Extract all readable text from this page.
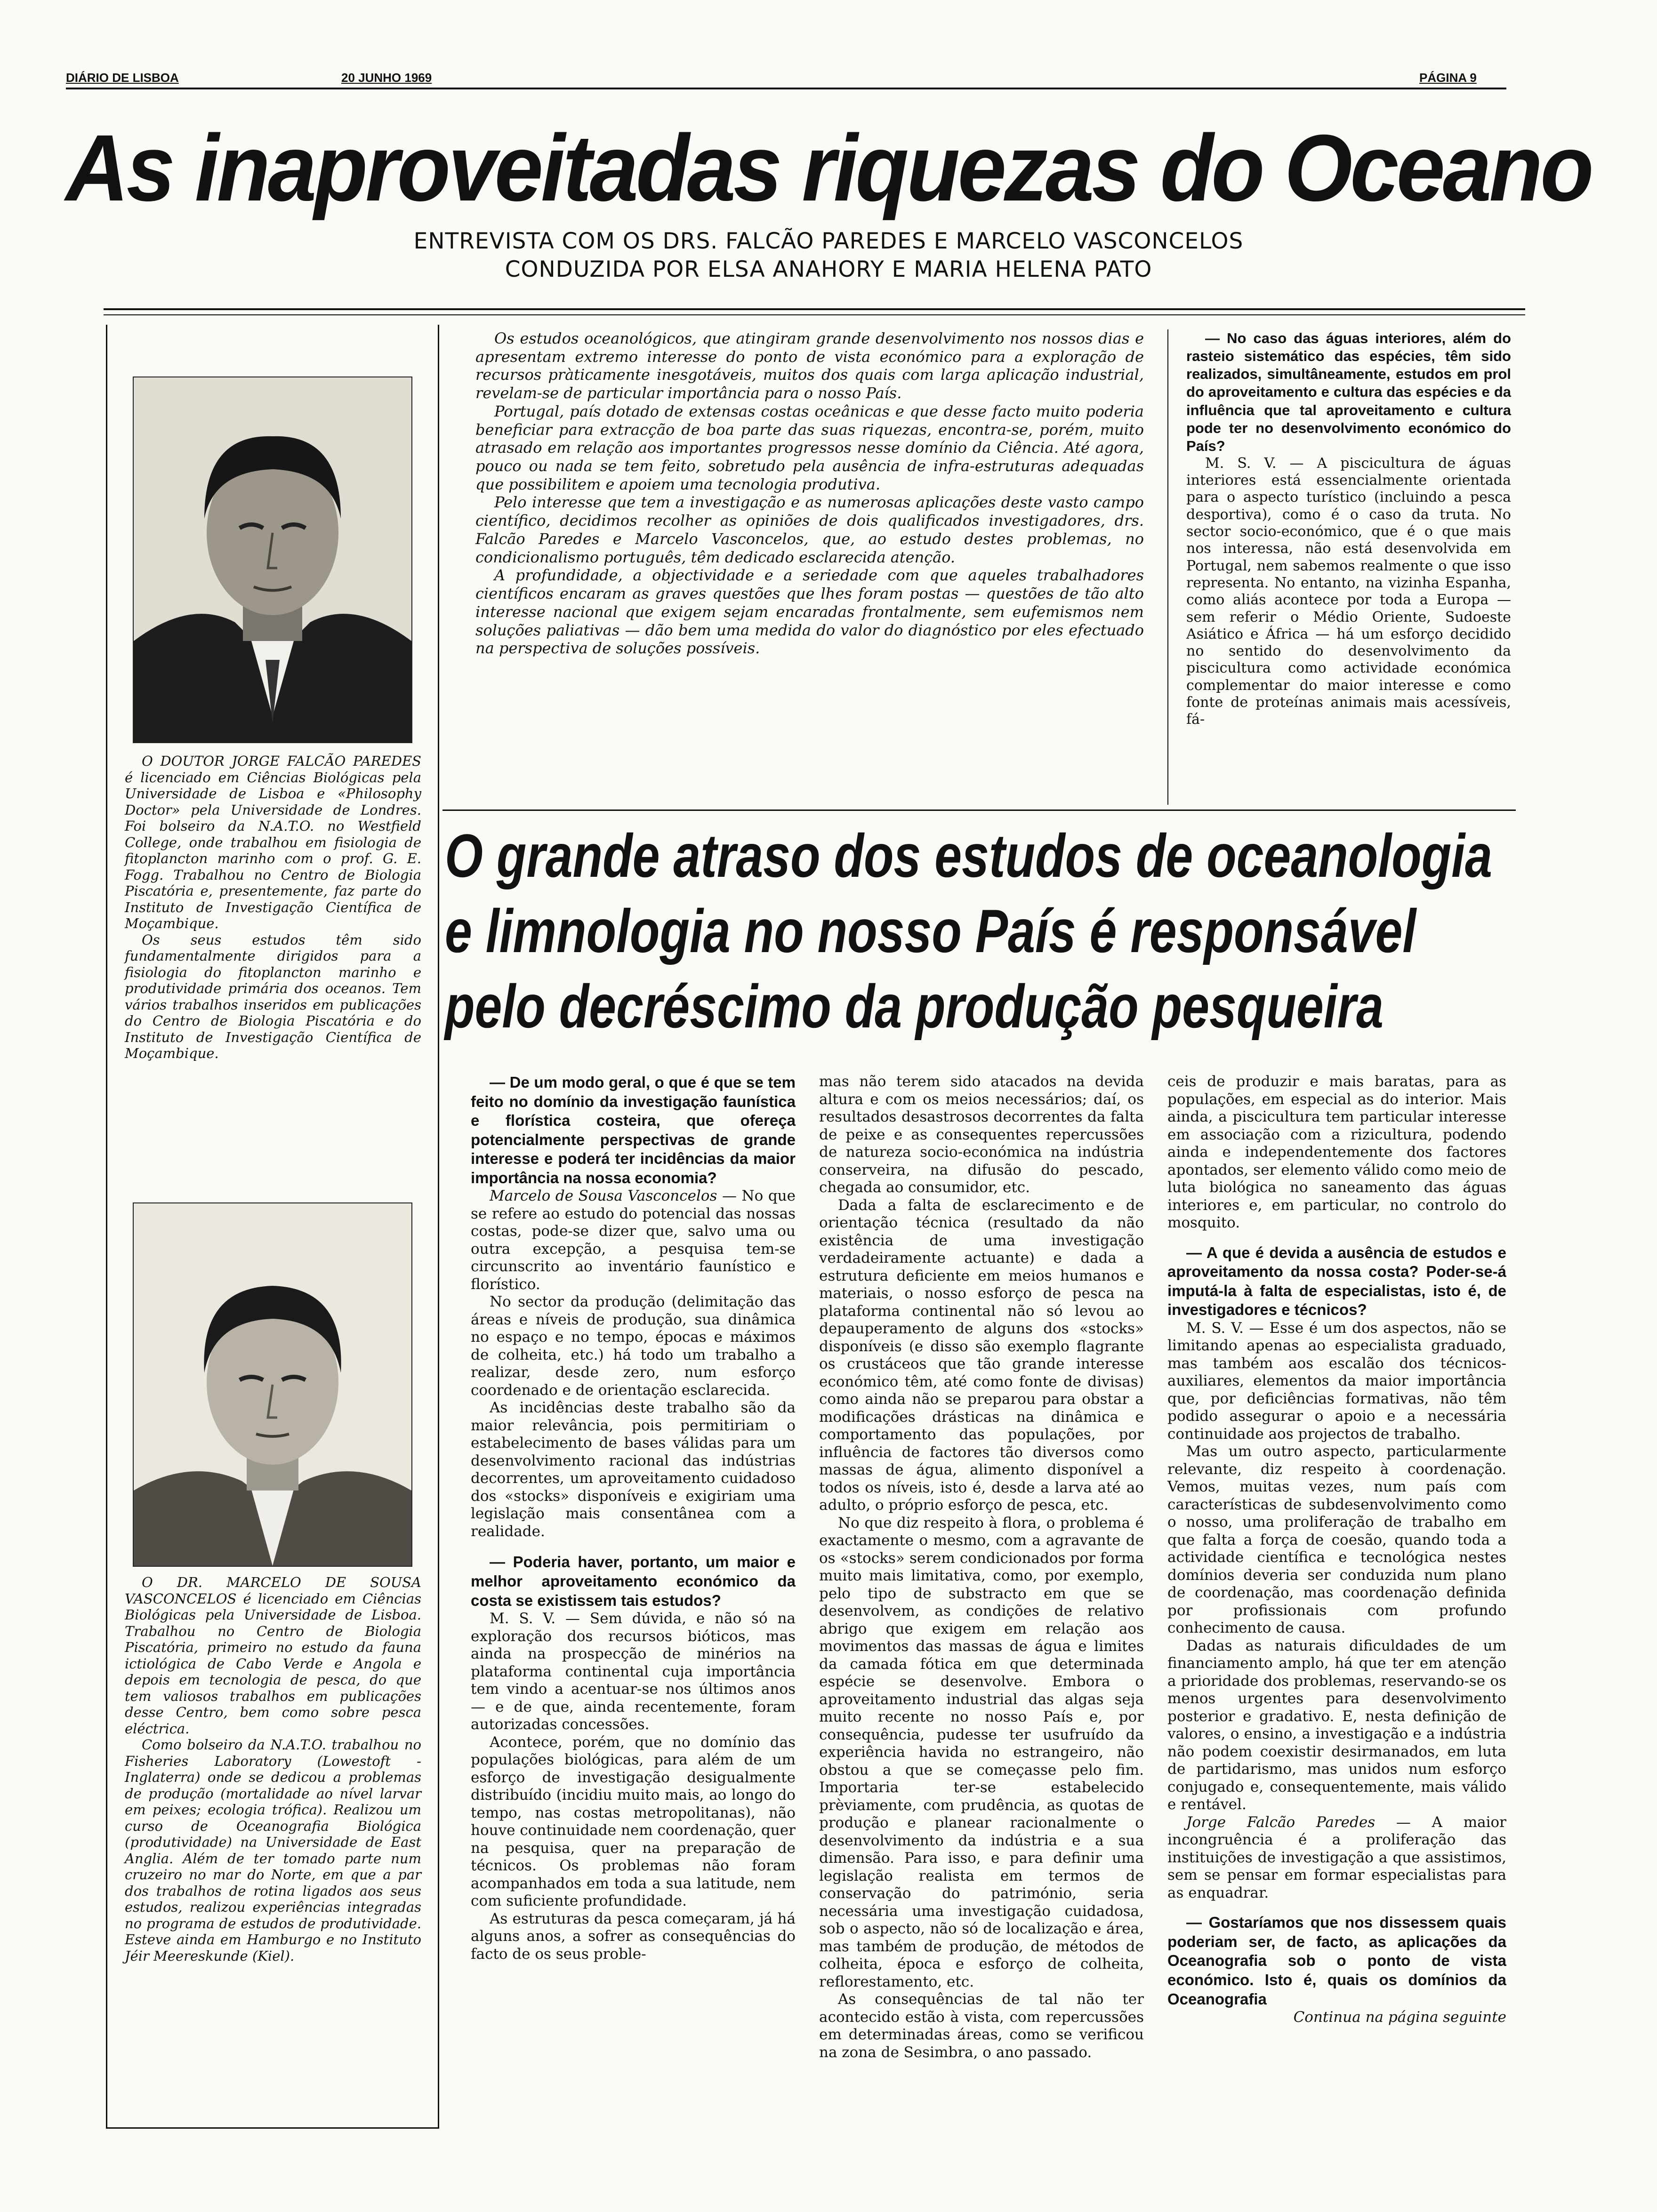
DIÁRIO DE LISBOA	20 JUNHO 1969	PÁGINA 9
As inaproveitadas riquezas do Oceano
ENTREVISTA COM OS DRS. FALCÃO PAREDES E MARCELO VASCONCELOS
CONDUZIDA POR ELSA ANAHORY E MARIA HELENA PATO

O DOUTOR JORGE FALCÃO PAREDES é licenciado em Ciências Biológicas pela Universidade de Lisboa e «Philosophy Doctor» pela Universidade de Londres. Foi bolseiro da N.A.T.O. no Westfield College, onde trabalhou em fisiologia de fitoplancton marinho com o prof. G. E. Fogg. Trabalhou no Centro de Biologia Piscatória e, presentemente, faz parte do Instituto de Investigação Científica de Moçambique.

Os seus estudos têm sido fundamentalmente dirigidos para a fisiologia do fitoplancton marinho e produtividade primária dos oceanos. Tem vários trabalhos inseridos em publicações do Centro de Biologia Piscatória e do Instituto de Investigação Científica de Moçambique.

O DR. MARCELO DE SOUSA VASCONCELOS é licenciado em Ciências Biológicas pela Universidade de Lisboa. Trabalhou no Centro de Biologia Piscatória, primeiro no estudo da fauna ictiológica de Cabo Verde e Angola e depois em tecnologia de pesca, do que tem valiosos trabalhos em publicações desse Centro, bem como sobre pesca eléctrica.

Como bolseiro da N.A.T.O. trabalhou no Fisheries Laboratory (Lowestoft - Inglaterra) onde se dedicou a problemas de produção (mortalidade ao nível larvar em peixes; ecologia trófica). Realizou um curso de Oceanografia Biológica (produtividade) na Universidade de East Anglia. Além de ter tomado parte num cruzeiro no mar do Norte, em que a par dos trabalhos de rotina ligados aos seus estudos, realizou experiências integradas no programa de estudos de produtividade. Esteve ainda em Hamburgo e no Instituto Jéir Meereskunde (Kiel).

Os estudos oceanológicos, que atingiram grande desenvolvimento nos nossos dias e apresentam extremo interesse do ponto de vista económico para a exploração de recursos pràticamente inesgotáveis, muitos dos quais com larga aplicação industrial, revelam-se de particular importância para o nosso País.

Portugal, país dotado de extensas costas oceânicas e que desse facto muito poderia beneficiar para extracção de boa parte das suas riquezas, encontra-se, porém, muito atrasado em relação aos importantes progressos nesse domínio da Ciência. Até agora, pouco ou nada se tem feito, sobretudo pela ausência de infra-estruturas adequadas que possibilitem e apoiem uma tecnologia produtiva.

Pelo interesse que tem a investigação e as numerosas aplicações deste vasto campo científico, decidimos recolher as opiniões de dois qualificados investigadores, drs. Falcão Paredes e Marcelo Vasconcelos, que, ao estudo destes problemas, no condicionalismo português, têm dedicado esclarecida atenção.

A profundidade, a objectividade e a seriedade com que aqueles trabalhadores científicos encaram as graves questões que lhes foram postas — questões de tão alto interesse nacional que exigem sejam encaradas frontalmente, sem eufemismos nem soluções paliativas — dão bem uma medida do valor do diagnóstico por eles efectuado na perspectiva de soluções possíveis.

— No caso das águas interiores, além do rasteio sistemático das espécies, têm sido realizados, simultâneamente, estudos em prol do aproveitamento e cultura das espécies e da influência que tal aproveitamento e cultura pode ter no desenvolvimento económico do País?

M. S. V. — A piscicultura de águas interiores está essencialmente orientada para o aspecto turístico (incluindo a pesca desportiva), como é o caso da truta. No sector socio-económico, que é o que mais nos interessa, não está desenvolvida em Portugal, nem sabemos realmente o que isso representa. No entanto, na vizinha Espanha, como aliás acontece por toda a Europa — sem referir o Médio Oriente, Sudoeste Asiático e África — há um esforço decidido no sentido do desenvolvimento da piscicultura como actividade económica complementar do maior interesse e como fonte de proteínas animais mais acessíveis, fá-

O grande atraso dos estudos de oceanologia
e limnologia no nosso País é responsável
pelo decréscimo da produção pesqueira

— De um modo geral, o que é que se tem feito no domínio da investigação faunística e florística costeira, que ofereça potencialmente perspectivas de grande interesse e poderá ter incidências da maior importância na nossa economia?

Marcelo de Sousa Vasconcelos — No que se refere ao estudo do potencial das nossas costas, pode-se dizer que, salvo uma ou outra excepção, a pesquisa tem-se circunscrito ao inventário faunístico e florístico.

No sector da produção (delimitação das áreas e níveis de produção, sua dinâmica no espaço e no tempo, épocas e máximos de colheita, etc.) há todo um trabalho a realizar, desde zero, num esforço coordenado e de orientação esclarecida.

As incidências deste trabalho são da maior relevância, pois permitiriam o estabelecimento de bases válidas para um desenvolvimento racional das indústrias decorrentes, um aproveitamento cuidadoso dos «stocks» disponíveis e exigiriam uma legislação mais consentânea com a realidade.

— Poderia haver, portanto, um maior e melhor aproveitamento económico da costa se existissem tais estudos?

M. S. V. — Sem dúvida, e não só na exploração dos recursos bióticos, mas ainda na prospecção de minérios na plataforma continental cuja importância tem vindo a acentuar-se nos últimos anos — e de que, ainda recentemente, foram autorizadas concessões.

Acontece, porém, que no domínio das populações biológicas, para além de um esforço de investigação desigualmente distribuído (incidiu muito mais, ao longo do tempo, nas costas metropolitanas), não houve continuidade nem coordenação, quer na pesquisa, quer na preparação de técnicos. Os problemas não foram acompanhados em toda a sua latitude, nem com suficiente profundidade.

As estruturas da pesca começaram, já há alguns anos, a sofrer as consequências do facto de os seus proble-

mas não terem sido atacados na devida altura e com os meios necessários; daí, os resultados desastrosos decorrentes da falta de peixe e as consequentes repercussões de natureza socio-económica na indústria conserveira, na difusão do pescado, chegada ao consumidor, etc.

Dada a falta de esclarecimento e de orientação técnica (resultado da não existência de uma investigação verdadeiramente actuante) e dada a estrutura deficiente em meios humanos e materiais, o nosso esforço de pesca na plataforma continental não só levou ao depauperamento de alguns dos «stocks» disponíveis (e disso são exemplo flagrante os crustáceos que tão grande interesse económico têm, até como fonte de divisas) como ainda não se preparou para obstar a modificações drásticas na dinâmica e comportamento das populações, por influência de factores tão diversos como massas de água, alimento disponível a todos os níveis, isto é, desde a larva até ao adulto, o próprio esforço de pesca, etc.

No que diz respeito à flora, o problema é exactamente o mesmo, com a agravante de os «stocks» serem condicionados por forma muito mais limitativa, como, por exemplo, pelo tipo de substracto em que se desenvolvem, as condições de relativo abrigo que exigem em relação aos movimentos das massas de água e limites da camada fótica em que determinada espécie se desenvolve. Embora o aproveitamento industrial das algas seja muito recente no nosso País e, por consequência, pudesse ter usufruído da experiência havida no estrangeiro, não obstou a que se começasse pelo fim. Importaria ter-se estabelecido prèviamente, com prudência, as quotas de produção e planear racionalmente o desenvolvimento da indústria e a sua dimensão. Para isso, e para definir uma legislação realista em termos de conservação do património, seria necessária uma investigação cuidadosa, sob o aspecto, não só de localização e área, mas também de produção, de métodos de colheita, época e esforço de colheita, reflorestamento, etc.

As consequências de tal não ter acontecido estão à vista, com repercussões em determinadas áreas, como se verificou na zona de Sesimbra, o ano passado.

ceis de produzir e mais baratas, para as populações, em especial as do interior. Mais ainda, a piscicultura tem particular interesse em associação com a rizicultura, podendo ainda e independentemente dos factores apontados, ser elemento válido como meio de luta biológica no saneamento das águas interiores e, em particular, no controlo do mosquito.

— A que é devida a ausência de estudos e aproveitamento da nossa costa? Poder-se-á imputá-la à falta de especialistas, isto é, de investigadores e técnicos?

M. S. V. — Esse é um dos aspectos, não se limitando apenas ao especialista graduado, mas também aos escalão dos técnicos-auxiliares, elementos da maior importância que, por deficiências formativas, não têm podido assegurar o apoio e a necessária continuidade aos projectos de trabalho.

Mas um outro aspecto, particularmente relevante, diz respeito à coordenação. Vemos, muitas vezes, num país com características de subdesenvolvimento como o nosso, uma proliferação de trabalho em que falta a força de coesão, quando toda a actividade científica e tecnológica nestes domínios deveria ser conduzida num plano de coordenação, mas coordenação definida por profissionais com profundo conhecimento de causa.

Dadas as naturais dificuldades de um financiamento amplo, há que ter em atenção a prioridade dos problemas, reservando-se os menos urgentes para desenvolvimento posterior e gradativo. E, nesta definição de valores, o ensino, a investigação e a indústria não podem coexistir desirmanados, em luta de partidarismo, mas unidos num esforço conjugado e, consequentemente, mais válido e rentável.

Jorge Falcão Paredes — A maior incongruência é a proliferação das instituições de investigação a que assistimos, sem se pensar em formar especialistas para as enquadrar.

— Gostaríamos que nos dissessem quais poderiam ser, de facto, as aplicações da Oceanografia sob o ponto de vista económico. Isto é, quais os domínios da Oceanografia

Continua na página seguinte
